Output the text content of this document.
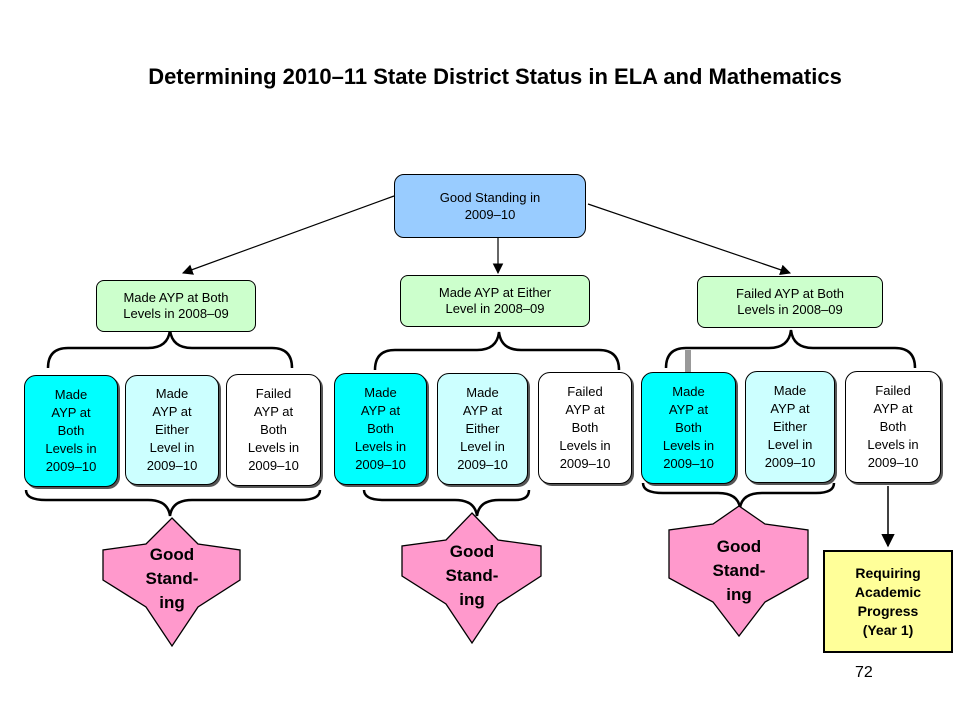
Determining 2010–11 State District Status in ELA and Mathematics
Good Standing in
2009–10
Made AYP at Both
Levels in 2008–09
Made AYP at Either
Level in 2008–09
Failed AYP at Both
Levels in 2008–09
Made
AYP at
Both
Levels in
2009–10
Made
AYP at
Either
Level in
2009–10
Failed
AYP at
Both
Levels in
2009–10
Made
AYP at
Both
Levels in
2009–10
Made
AYP at
Either
Level in
2009–10
Failed
AYP at
Both
Levels in
2009–10
Made
AYP at
Both
Levels in
2009–10
Made
AYP at
Either
Level in
2009–10
Failed
AYP at
Both
Levels in
2009–10
Good
Stand-
ing
Good
Stand-
ing
Good
Stand-
ing
Requiring
Academic
Progress
(Year 1)
72
